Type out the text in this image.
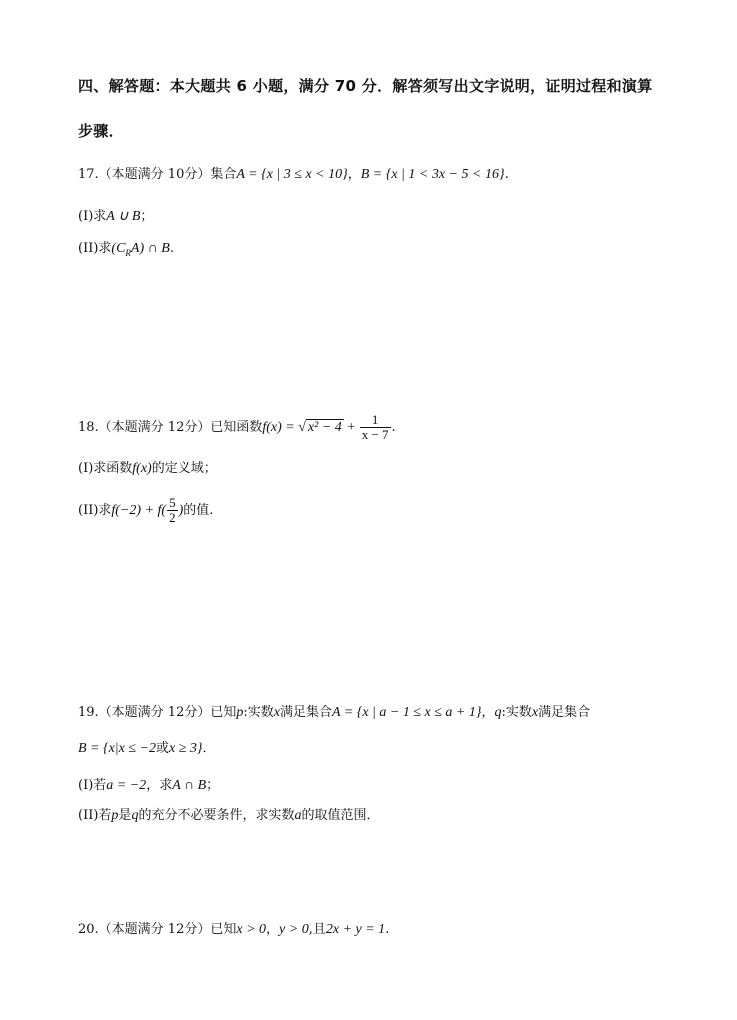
四、解答题：本大题共 6 小题，满分 70 分．解答须写出文字说明，证明过程和演算
步骤．
17.（本题满分 10分）集合A = {x | 3 ≤ x < 10}，B = {x | 1 < 3x − 5 < 16}.
(I)求A ∪ B；
(II)求$(C_RA)$ ∩ B.
18.（本题满分 12分）已知函数f(x) = √ $x^2 - 4 + \frac{1}{x - 7}$ .
(I)求函数f(x)的定义域；
(II)求$f(-2) + f( \frac{5}{2}$ )的值.
19.（本题满分 12分）已知p:实数x满足集合A = {x | a − 1 ≤ x ≤ a + 1}，q:实数x满足集合
B = {x|x ≤ −2或x ≥ 3}．
(I)若a = −2，求A ∩ B；
(II)若p是q的充分不必要条件，求实数a的取值范围．
20.（本题满分 12分）已知x > 0，y > 0,且2x + y = 1.
